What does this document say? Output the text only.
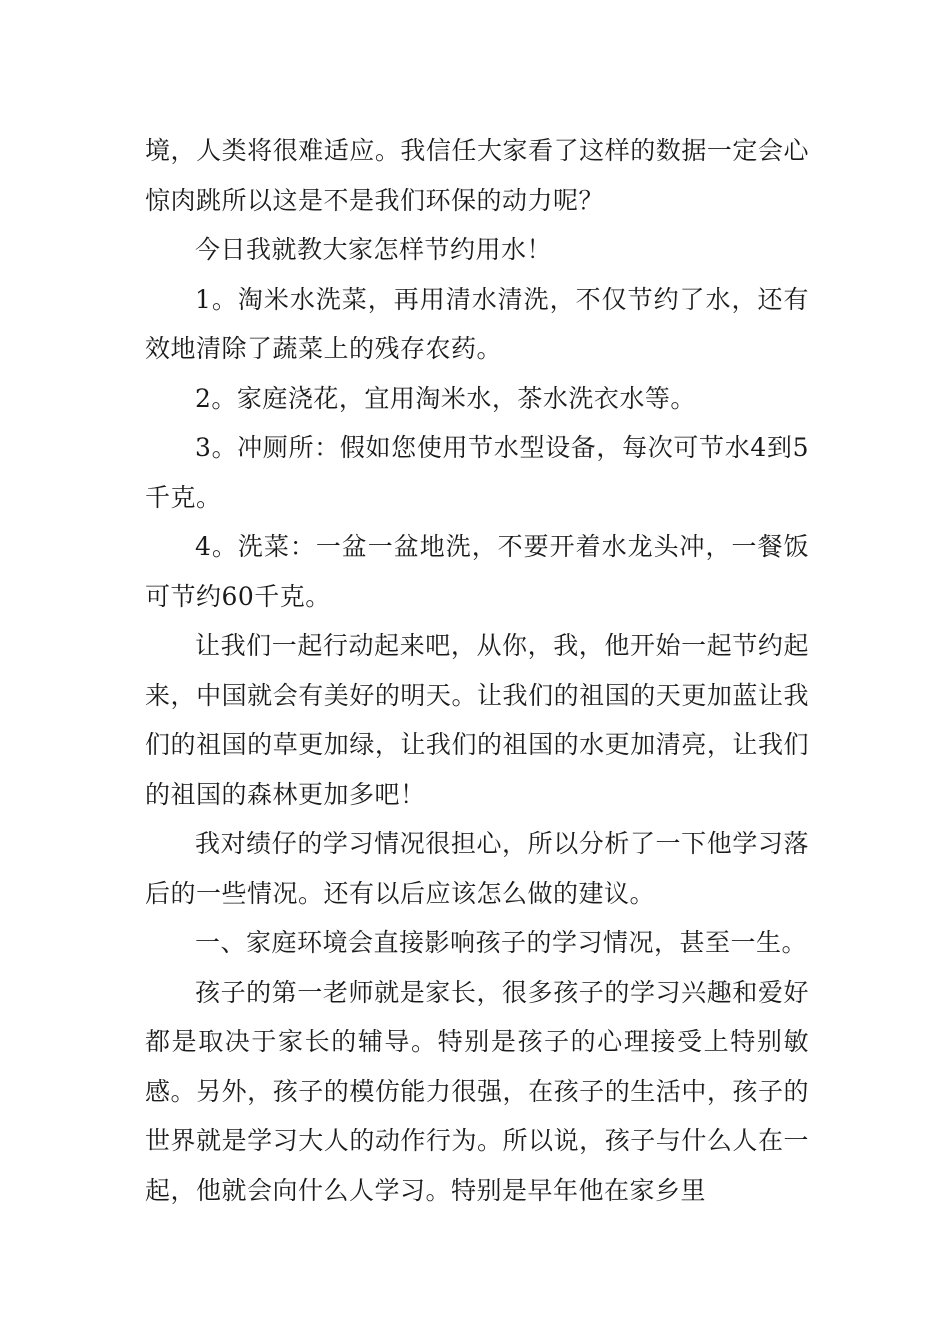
境，人类将很难适应。我信任大家看了这样的数据一定会心惊肉跳所以这是不是我们环保的动力呢？

今日我就教大家怎样节约用水！

1。淘米水洗菜，再用清水清洗，不仅节约了水，还有效地清除了蔬菜上的残存农药。

2。家庭浇花，宜用淘米水，茶水洗衣水等。

3。冲厕所：假如您使用节水型设备，每次可节水4到5千克。

4。洗菜：一盆一盆地洗，不要开着水龙头冲，一餐饭可节约60千克。

让我们一起行动起来吧，从你，我，他开始一起节约起来，中国就会有美好的明天。让我们的祖国的天更加蓝让我们的祖国的草更加绿，让我们的祖国的水更加清亮，让我们的祖国的森林更加多吧！

我对绩仔的学习情况很担心，所以分析了一下他学习落后的一些情况。还有以后应该怎么做的建议。

一、家庭环境会直接影响孩子的学习情况，甚至一生。

孩子的第一老师就是家长，很多孩子的学习兴趣和爱好都是取决于家长的辅导。特别是孩子的心理接受上特别敏感。另外，孩子的模仿能力很强，在孩子的生活中，孩子的世界就是学习大人的动作行为。所以说，孩子与什么人在一起，他就会向什么人学习。特别是早年他在家乡里
